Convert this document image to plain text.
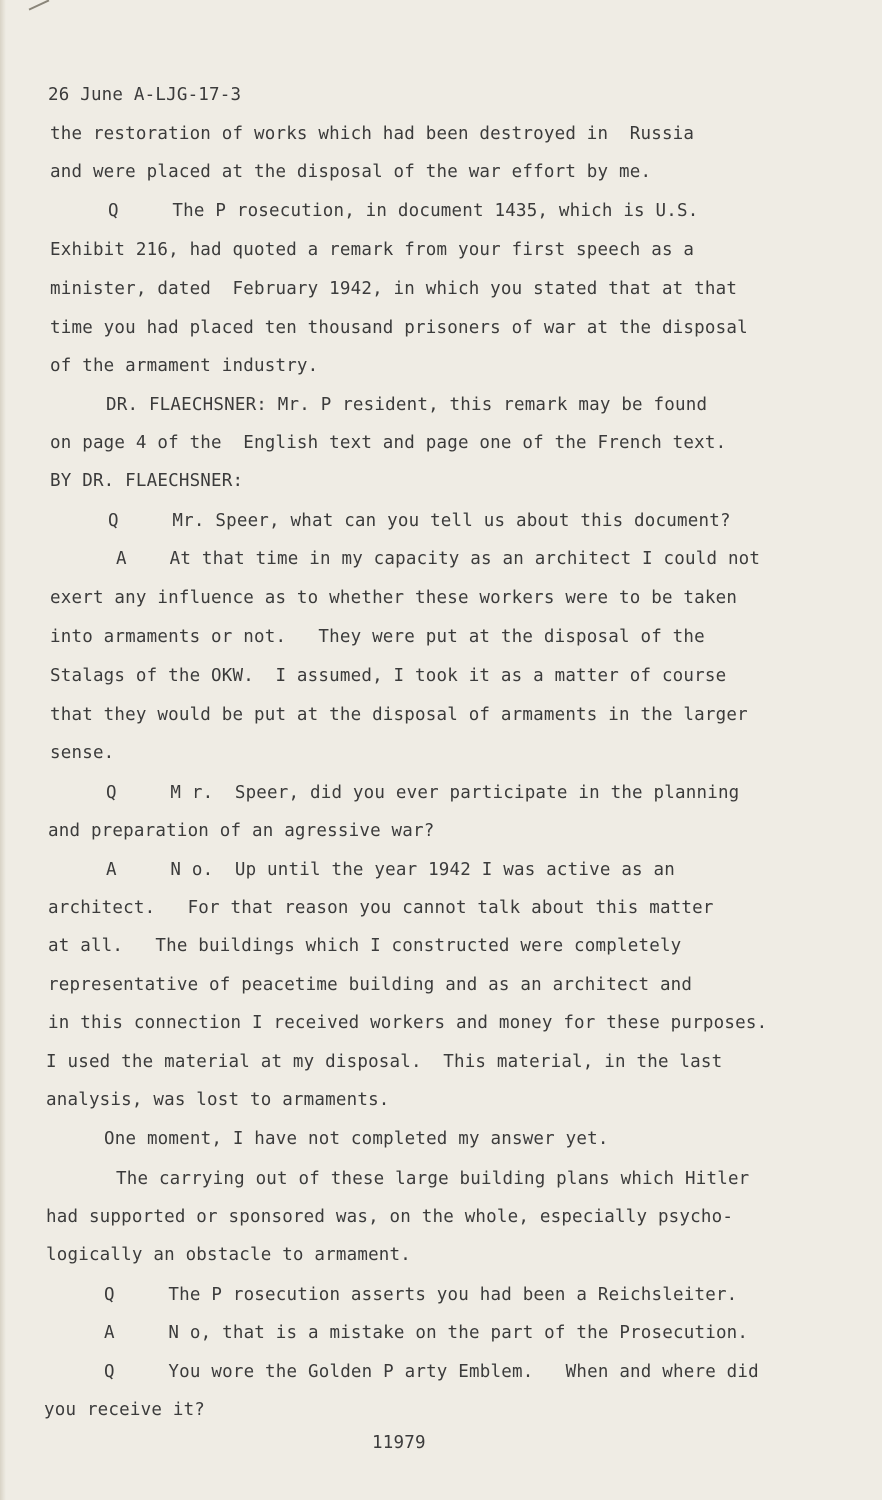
26 June A-LJG-17-3
the restoration of works which had been destroyed in  Russia
and were placed at the disposal of the war effort by me.
Q     The P rosecution, in document 1435, which is U.S.
Exhibit 216, had quoted a remark from your first speech as a
minister, dated  February 1942, in which you stated that at that
time you had placed ten thousand prisoners of war at the disposal
of the armament industry.
DR. FLAECHSNER: Mr. P resident, this remark may be found
on page 4 of the  English text and page one of the French text.
BY DR. FLAECHSNER:
Q     Mr. Speer, what can you tell us about this document?
A    At that time in my capacity as an architect I could not
exert any influence as to whether these workers were to be taken
into armaments or not.   They were put at the disposal of the
Stalags of the OKW.  I assumed, I took it as a matter of course
that they would be put at the disposal of armaments in the larger
sense.
Q     M r.  Speer, did you ever participate in the planning
and preparation of an agressive war?
A     N o.  Up until the year 1942 I was active as an
architect.   For that reason you cannot talk about this matter
at all.   The buildings which I constructed were completely
representative of peacetime building and as an architect and
in this connection I received workers and money for these purposes.
I used the material at my disposal.  This material, in the last
analysis, was lost to armaments.
One moment, I have not completed my answer yet.
The carrying out of these large building plans which Hitler
had supported or sponsored was, on the whole, especially psycho-
logically an obstacle to armament.
Q     The P rosecution asserts you had been a Reichsleiter.
A     N o, that is a mistake on the part of the Prosecution.
Q     You wore the Golden P arty Emblem.   When and where did
you receive it?
11979
